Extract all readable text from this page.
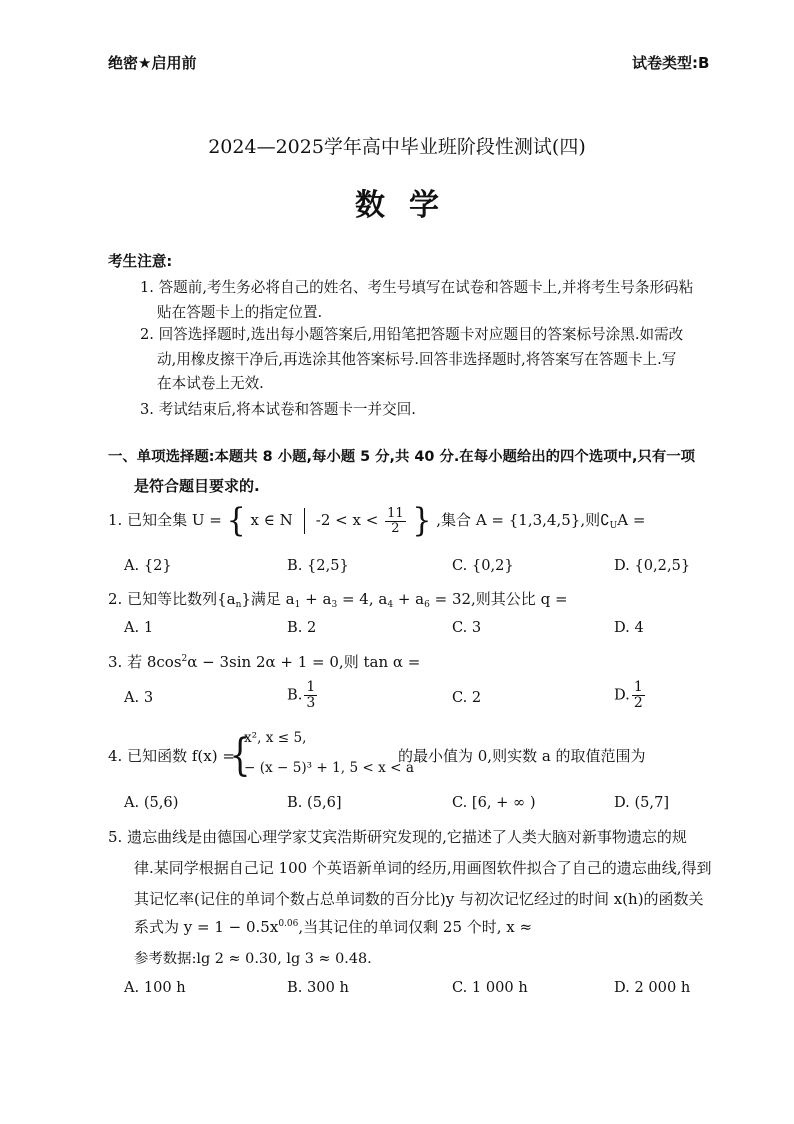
绝密★启用前	试卷类型:B
2024—2025学年高中毕业班阶段性测试(四)
数学
考生注意:
1. 答题前,考生务必将自己的姓名、考生号填写在试卷和答题卡上,并将考生号条形码粘
贴在答题卡上的指定位置.
2. 回答选择题时,选出每小题答案后,用铅笔把答题卡对应题目的答案标号涂黑.如需改
动,用橡皮擦干净后,再选涂其他答案标号.回答非选择题时,将答案写在答题卡上.写
在本试卷上无效.
3. 考试结束后,将本试卷和答题卡一并交回.
一、单项选择题:本题共 8 小题,每小题 5 分,共 40 分.在每小题给出的四个选项中,只有一项
是符合题目要求的.
1. 已知全集 U = { x ∈ N $-2 < x < \frac{11}{2}$ } ,集合 A = {1,3,4,5},则$∁_UA$ =
A. {2}	B. {2,5}	C. {0,2}	D. {0,2,5}
2. 已知等比数列$\{a_n\}$满足 $a_1 + a_3 = 4$, $a_4 + a_6 = 32$,则其公比 q =
A. 1	B. 2	C. 3	D. 4
3. 若 $8\cos^2\alpha - 3\sin$ 2α + 1 = 0,则 tan α =
A. 3	B. $\frac{1}{3}$	C. 2	D. $\frac{1}{2}$
4. 已知函数 f(x) =
{
x², x ≤ 5,
− (x − 5)³ + 1, 5 < x < a
的最小值为 0,则实数 a 的取值范围为
A. (5,6)	B. (5,6]	C. [6, + ∞ )	D. (5,7]
5. 遗忘曲线是由德国心理学家艾宾浩斯研究发现的,它描述了人类大脑对新事物遗忘的规
律.某同学根据自己记 100 个英语新单词的经历,用画图软件拟合了自己的遗忘曲线,得到
其记忆率(记住的单词个数占总单词数的百分比)y 与初次记忆经过的时间 x(h)的函数关
系式为 $y = 1 - 0.5x^{0.06}$,当其记住的单词仅剩 25 个时, x ≈
参考数据:lg 2 ≈ 0.30, lg 3 ≈ 0.48.
A. 100 h	B. 300 h	C. 1 000 h	D. 2 000 h
